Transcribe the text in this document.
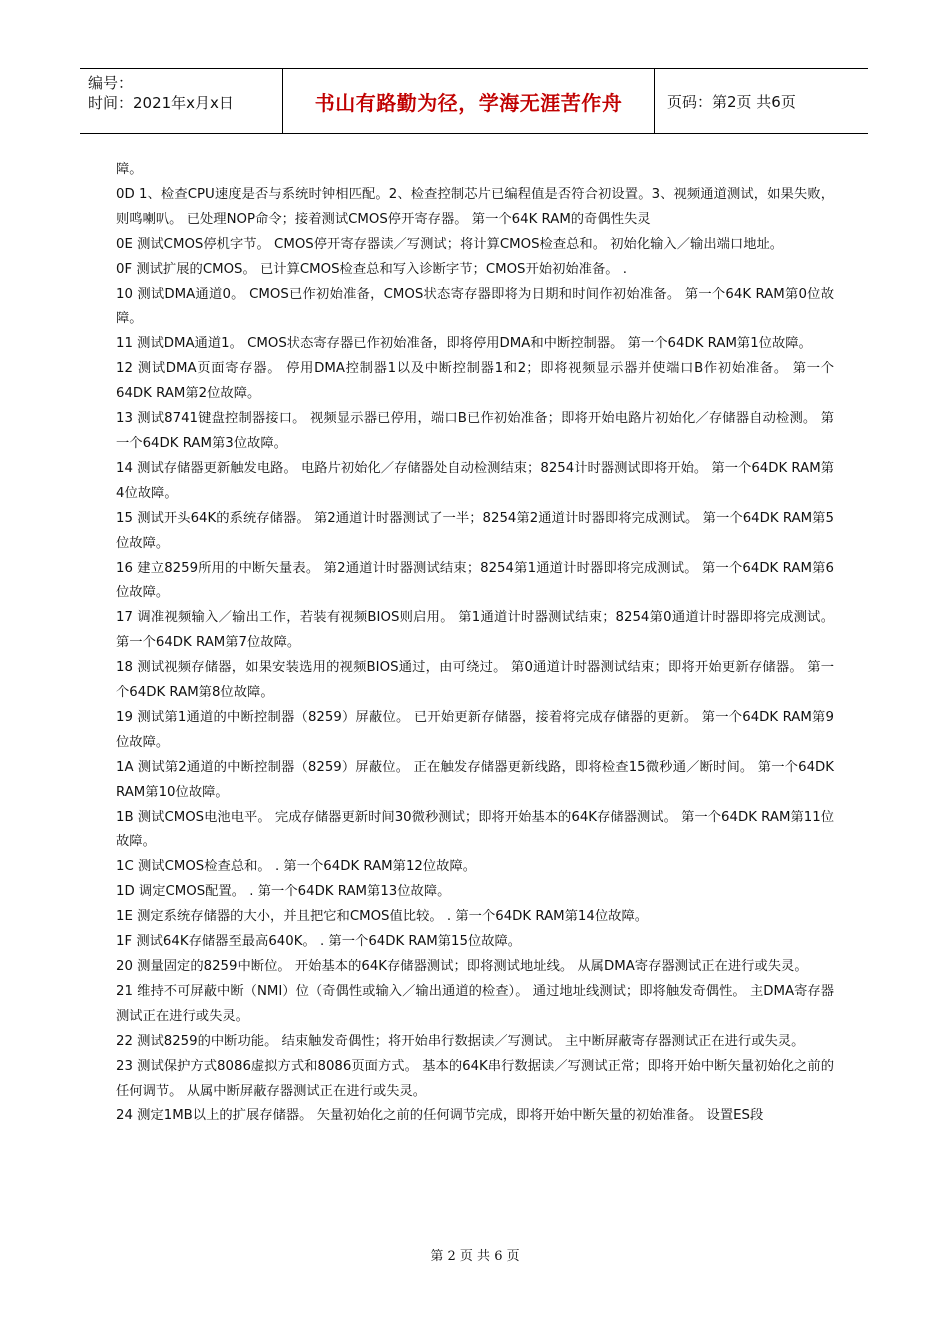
编号：
时间：2021年x月x日	书山有路勤为径，学海无涯苦作舟	页码：第2页 共6页

障。

0D 1、检查CPU速度是否与系统时钟相匹配。2、检查控制芯片已编程值是否符合初设置。3、视频通道测试，如果失败，则鸣喇叭。 已处理NOP命令；接着测试CMOS停开寄存器。 第一个64K RAM的奇偶性失灵

0E 测试CMOS停机字节。 CMOS停开寄存器读／写测试；将计算CMOS检查总和。 初始化输入／输出端口地址。

0F 测试扩展的CMOS。 已计算CMOS检查总和写入诊断字节；CMOS开始初始准备。 .

10 测试DMA通道0。 CMOS已作初始准备，CMOS状态寄存器即将为日期和时间作初始准备。 第一个64K RAM第0位故障。

11 测试DMA通道1。 CMOS状态寄存器已作初始准备，即将停用DMA和中断控制器。 第一个64DK RAM第1位故障。

12 测试DMA页面寄存器。 停用DMA控制器1以及中断控制器1和2；即将视频显示器并使端口B作初始准备。 第一个64DK RAM第2位故障。

13 测试8741键盘控制器接口。 视频显示器已停用，端口B已作初始准备；即将开始电路片初始化／存储器自动检测。 第一个64DK RAM第3位故障。

14 测试存储器更新触发电路。 电路片初始化／存储器处自动检测结束；8254计时器测试即将开始。 第一个64DK RAM第4位故障。

15 测试开头64K的系统存储器。 第2通道计时器测试了一半；8254第2通道计时器即将完成测试。 第一个64DK RAM第5位故障。

16 建立8259所用的中断矢量表。 第2通道计时器测试结束；8254第1通道计时器即将完成测试。 第一个64DK RAM第6位故障。

17 调准视频输入／输出工作，若装有视频BIOS则启用。 第1通道计时器测试结束；8254第0通道计时器即将完成测试。 第一个64DK RAM第7位故障。

18 测试视频存储器，如果安装选用的视频BIOS通过，由可绕过。 第0通道计时器测试结束；即将开始更新存储器。 第一个64DK RAM第8位故障。

19 测试第1通道的中断控制器（8259）屏蔽位。 已开始更新存储器，接着将完成存储器的更新。 第一个64DK RAM第9位故障。

1A 测试第2通道的中断控制器（8259）屏蔽位。 正在触发存储器更新线路，即将检查15微秒通／断时间。 第一个64DK RAM第10位故障。

1B 测试CMOS电池电平。 完成存储器更新时间30微秒测试；即将开始基本的64K存储器测试。 第一个64DK RAM第11位故障。

1C 测试CMOS检查总和。 . 第一个64DK RAM第12位故障。

1D 调定CMOS配置。 . 第一个64DK RAM第13位故障。

1E 测定系统存储器的大小，并且把它和CMOS值比较。 . 第一个64DK RAM第14位故障。

1F 测试64K存储器至最高640K。 . 第一个64DK RAM第15位故障。

20 测量固定的8259中断位。 开始基本的64K存储器测试；即将测试地址线。 从属DMA寄存器测试正在进行或失灵。

21 维持不可屏蔽中断（NMI）位（奇偶性或输入／输出通道的检查）。 通过地址线测试；即将触发奇偶性。 主DMA寄存器测试正在进行或失灵。

22 测试8259的中断功能。 结束触发奇偶性；将开始串行数据读／写测试。 主中断屏蔽寄存器测试正在进行或失灵。

23 测试保护方式8086虚拟方式和8086页面方式。 基本的64K串行数据读／写测试正常；即将开始中断矢量初始化之前的任何调节。 从属中断屏蔽存器测试正在进行或失灵。

24 测定1MB以上的扩展存储器。 矢量初始化之前的任何调节完成，即将开始中断矢量的初始准备。 设置ES段

第 2 页 共 6 页
